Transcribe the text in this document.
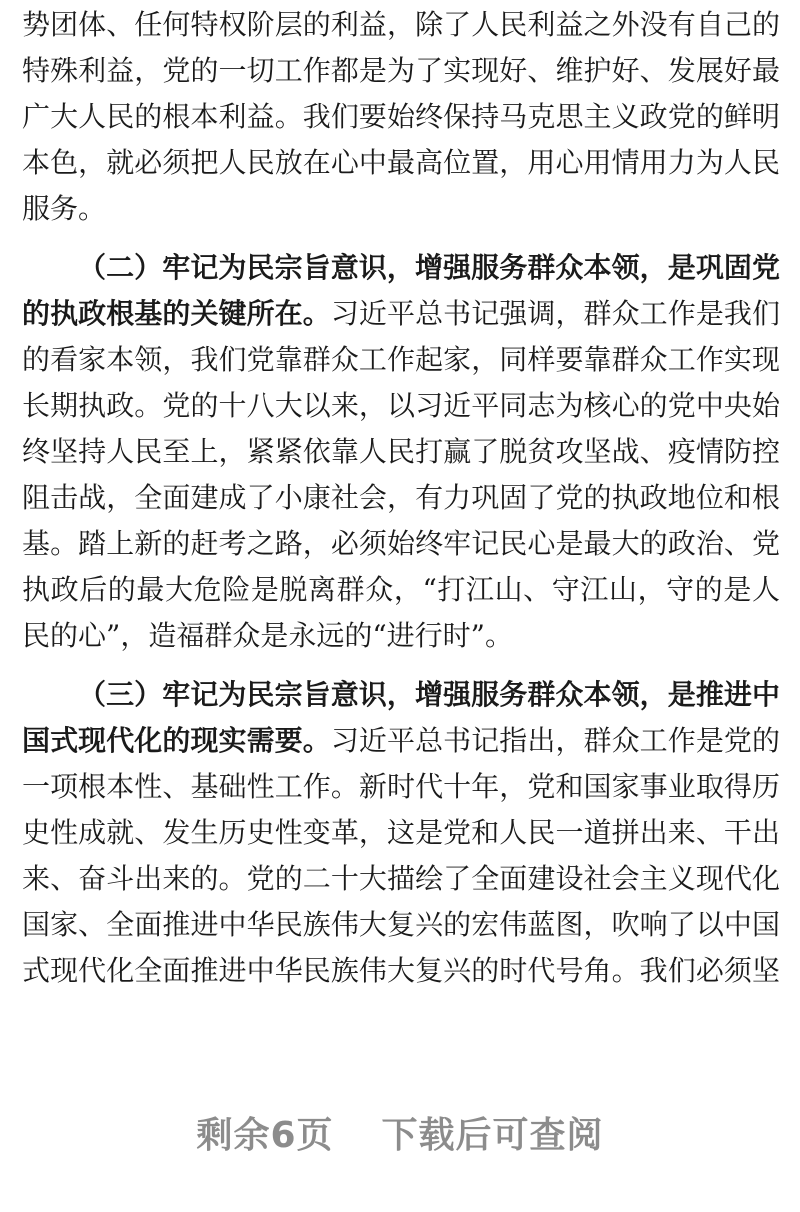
势团体、任何特权阶层的利益，除了人民利益之外没有自己的
特殊利益，党的一切工作都是为了实现好、维护好、发展好最
广大人民的根本利益。我们要始终保持马克思主义政党的鲜明
本色，就必须把人民放在心中最高位置，用心用情用力为人民
服务。
（二）牢记为民宗旨意识，增强服务群众本领，是巩固党
的执政根基的关键所在。习近平总书记强调，群众工作是我们
的看家本领，我们党靠群众工作起家，同样要靠群众工作实现
长期执政。党的十八大以来，以习近平同志为核心的党中央始
终坚持人民至上，紧紧依靠人民打赢了脱贫攻坚战、疫情防控
阻击战，全面建成了小康社会，有力巩固了党的执政地位和根
基。踏上新的赶考之路，必须始终牢记民心是最大的政治、党
执政后的最大危险是脱离群众，“打江山、守江山，守的是人
民的心”，造福群众是永远的“进行时”。
（三）牢记为民宗旨意识，增强服务群众本领，是推进中
国式现代化的现实需要。习近平总书记指出，群众工作是党的
一项根本性、基础性工作。新时代十年，党和国家事业取得历
史性成就、发生历史性变革，这是党和人民一道拼出来、干出
来、奋斗出来的。党的二十大描绘了全面建设社会主义现代化
国家、全面推进中华民族伟大复兴的宏伟蓝图，吹响了以中国
式现代化全面推进中华民族伟大复兴的时代号角。我们必须坚
剩余6页 下载后可查阅
